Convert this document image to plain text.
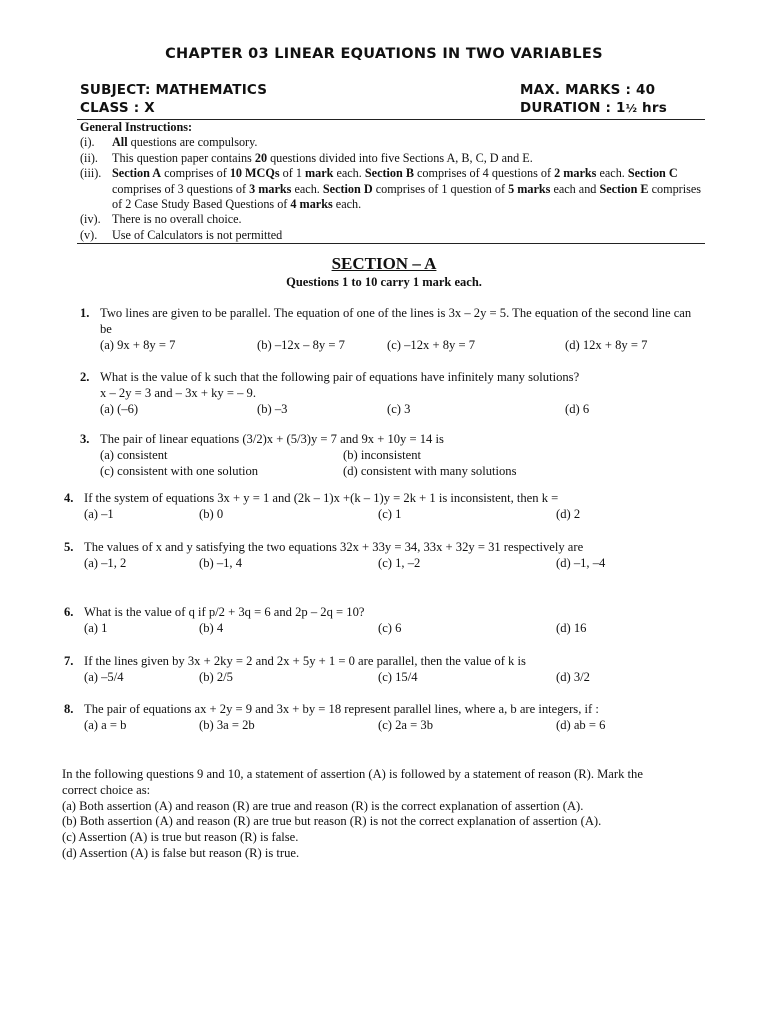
CHAPTER 03 LINEAR EQUATIONS IN TWO VARIABLES
SUBJECT: MATHEMATICS
CLASS : X
MAX. MARKS : 40
DURATION : 1½ hrs
General Instructions:
(i).	All questions are compulsory.
(ii).	This question paper contains 20 questions divided into five Sections A, B, C, D and E.
(iii). Section A comprises of 10 MCQs of 1 mark each. Section B comprises of 4 questions of 2 marks each. Section C comprises of 3 questions of 3 marks each. Section D comprises of 1 question of 5 marks each and Section E comprises of 2 Case Study Based Questions of 4 marks each.
(iv). There is no overall choice.
(v).	Use of Calculators is not permitted
SECTION – A
Questions 1 to 10 carry 1 mark each.
1. Two lines are given to be parallel. The equation of one of the lines is 3x – 2y = 5. The equation of the second line can be
(a) 9x + 8y = 7	(b) –12x – 8y = 7	(c) –12x + 8y = 7	(d) 12x + 8y = 7
2. What is the value of k such that the following pair of equations have infinitely many solutions?
x – 2y = 3 and – 3x + ky = – 9.
(a) (–6)	(b) –3	(c) 3	(d) 6
3. The pair of linear equations (3/2)x + (5/3)y = 7 and 9x + 10y = 14 is
(a) consistent	(b) inconsistent
(c) consistent with one solution	(d) consistent with many solutions
4. If the system of equations 3x + y = 1 and (2k – 1)x +(k – 1)y = 2k + 1 is inconsistent, then k =
(a) –1	(b) 0	(c) 1	(d) 2
5. The values of x and y satisfying the two equations 32x + 33y = 34, 33x + 32y = 31 respectively are
(a) –1, 2	(b) –1, 4	(c) 1, –2	(d) –1, –4
6. What is the value of q if p/2 + 3q = 6 and 2p – 2q = 10?
(a) 1	(b) 4	(c) 6	(d) 16
7. If the lines given by 3x + 2ky = 2 and 2x + 5y + 1 = 0 are parallel, then the value of k is
(a) –5/4	(b) 2/5	(c) 15/4	(d) 3/2
8. The pair of equations ax + 2y = 9 and 3x + by = 18 represent parallel lines, where a, b are integers, if :
(a) a = b	(b) 3a = 2b	(c) 2a = 3b	(d) ab = 6
In the following questions 9 and 10, a statement of assertion (A) is followed by a statement of reason (R). Mark the correct choice as:
(a) Both assertion (A) and reason (R) are true and reason (R) is the correct explanation of assertion (A).
(b) Both assertion (A) and reason (R) are true but reason (R) is not the correct explanation of assertion (A).
(c) Assertion (A) is true but reason (R) is false.
(d) Assertion (A) is false but reason (R) is true.
